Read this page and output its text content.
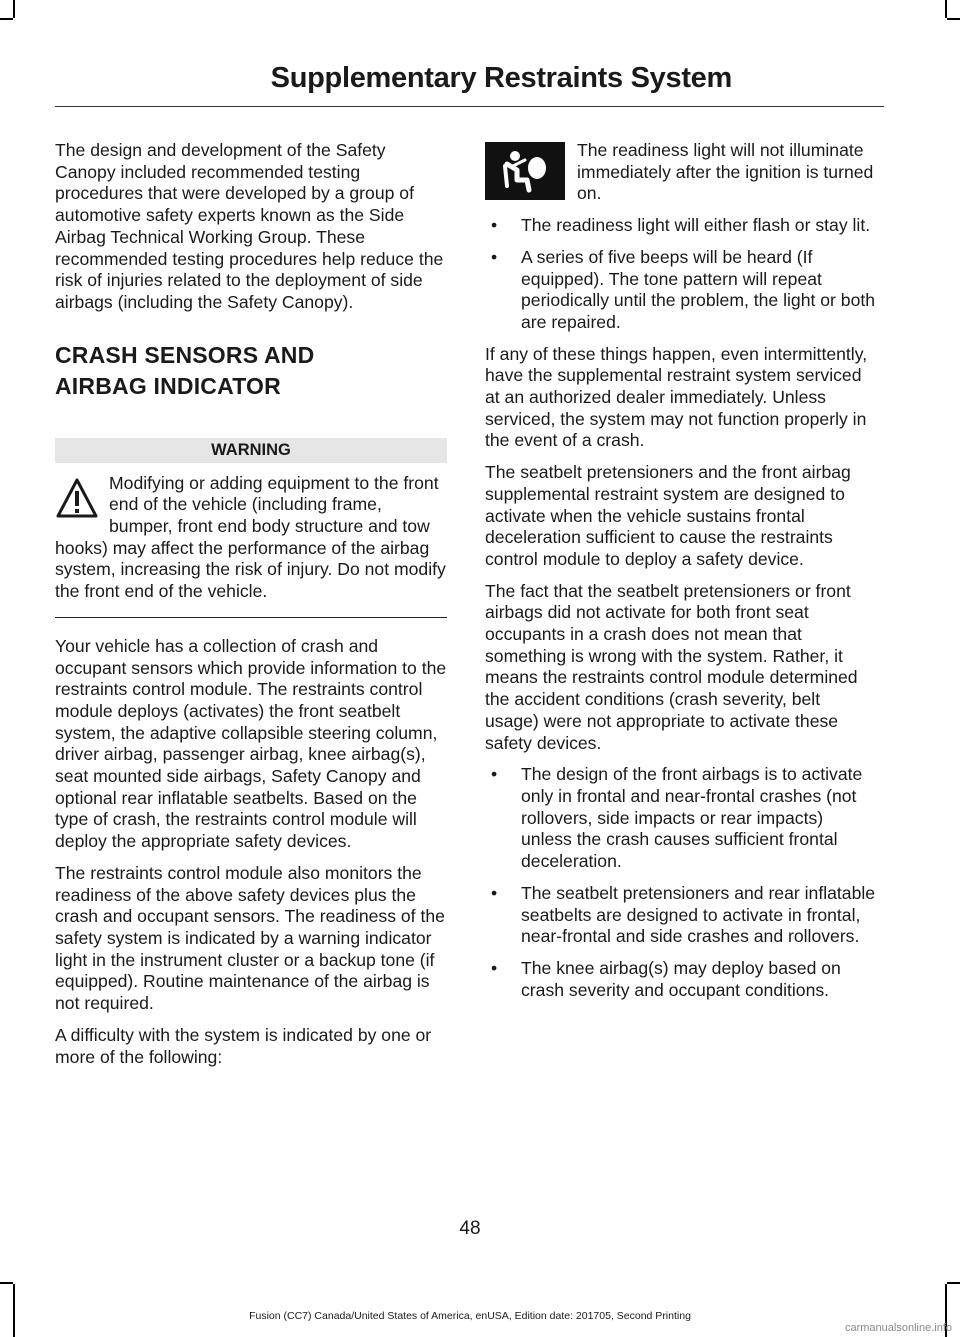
Supplementary Restraints System

The design and development of the Safety Canopy included recommended testing procedures that were developed by a group of automotive safety experts known as the Side Airbag Technical Working Group. These recommended testing procedures help reduce the risk of injuries related to the deployment of side airbags (including the Safety Canopy).

CRASH SENSORS AND
AIRBAG INDICATOR
WARNING
Modifying or adding equipment to the front end of the vehicle (including frame, bumper, front end body structure and tow hooks) may affect the performance of the airbag system, increasing the risk of injury. Do not modify the front end of the vehicle.

Your vehicle has a collection of crash and occupant sensors which provide information to the restraints control module. The restraints control module deploys (activates) the front seatbelt system, the adaptive collapsible steering column, driver airbag, passenger airbag, knee airbag(s), seat mounted side airbags, Safety Canopy and optional rear inflatable seatbelts. Based on the type of crash, the restraints control module will deploy the appropriate safety devices.

The restraints control module also monitors the readiness of the above safety devices plus the crash and occupant sensors. The readiness of the safety system is indicated by a warning indicator light in the instrument cluster or a backup tone (if equipped). Routine maintenance of the airbag is not required.

A difficulty with the system is indicated by one or more of the following:

The readiness light will not illuminate immediately after the ignition is turned on.
• The readiness light will either flash or stay lit.
• A series of five beeps will be heard (If equipped). The tone pattern will repeat periodically until the problem, the light or both are repaired.

If any of these things happen, even intermittently, have the supplemental restraint system serviced at an authorized dealer immediately. Unless serviced, the system may not function properly in the event of a crash.

The seatbelt pretensioners and the front airbag supplemental restraint system are designed to activate when the vehicle sustains frontal deceleration sufficient to cause the restraints control module to deploy a safety device.

The fact that the seatbelt pretensioners or front airbags did not activate for both front seat occupants in a crash does not mean that something is wrong with the system. Rather, it means the restraints control module determined the accident conditions (crash severity, belt usage) were not appropriate to activate these safety devices.

• The design of the front airbags is to activate only in frontal and near-frontal crashes (not rollovers, side impacts or rear impacts) unless the crash causes sufficient frontal deceleration.
• The seatbelt pretensioners and rear inflatable seatbelts are designed to activate in frontal, near-frontal and side crashes and rollovers.
• The knee airbag(s) may deploy based on crash severity and occupant conditions.
48
Fusion (CC7) Canada/United States of America, enUSA, Edition date: 201705, Second Printing
carmanualsonline.info
